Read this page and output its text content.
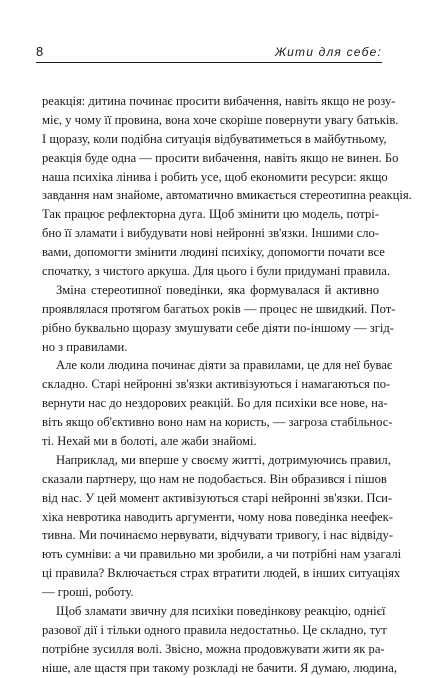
8	Жити для себе:
реакція: дитина починає просити вибачення, навіть якщо не розу-
міє, у чому її провина, вона хоче скоріше повернути увагу батьків.
І щоразу, коли подібна ситуація відбуватиметься в майбутньому,
реакція буде одна — просити вибачення, навіть якщо не винен. Бо
наша психіка лінива і робить усе, щоб економити ресурси: якщо
завдання нам знайоме, автоматично вмикається стереотипна реакція.
Так працює рефлекторна дуга. Щоб змінити цю модель, потрі-
бно її зламати і вибудувати нові нейронні зв'язки. Іншими сло-
вами, допомогти змінити людині психіку, допомогти почати все
спочатку, з чистого аркуша. Для цього і були придумані правила.
Зміна стереотипної поведінки, яка формувалася й активно
проявлялася протягом багатьох років — процес не швидкий. Пот-
рібно буквально щоразу змушувати себе діяти по-іншому — згід-
но з правилами.
Але коли людина починає діяти за правилами, це для неї буває
складно. Старі нейронні зв'язки активізуються і намагаються по-
вернути нас до нездорових реакцій. Бо для психіки все нове, на-
віть якщо об'єктивно воно нам на користь, — загроза стабільнос-
ті. Нехай ми в болоті, але жаби знайомі.
Наприклад, ми вперше у своєму житті, дотримуючись правил,
сказали партнеру, що нам не подобається. Він образився і пішов
від нас. У цей момент активізуються старі нейронні зв'язки. Пси-
хіка невротика наводить аргументи, чому нова поведінка неефек-
тивна. Ми починаємо нервувати, відчувати тривогу, і нас відвіду-
ють сумніви: а чи правильно ми зробили, а чи потрібні нам узагалі
ці правила? Включається страх втратити людей, в інших ситуаціях
— гроші, роботу.
Щоб зламати звичну для психіки поведінкову реакцію, однієї
разової дії і тільки одного правила недостатньо. Це складно, тут
потрібне зусилля волі. Звісно, можна продовжувати жити як ра-
ніше, але щастя при такому розкладі не бачити. Я думаю, людина,
